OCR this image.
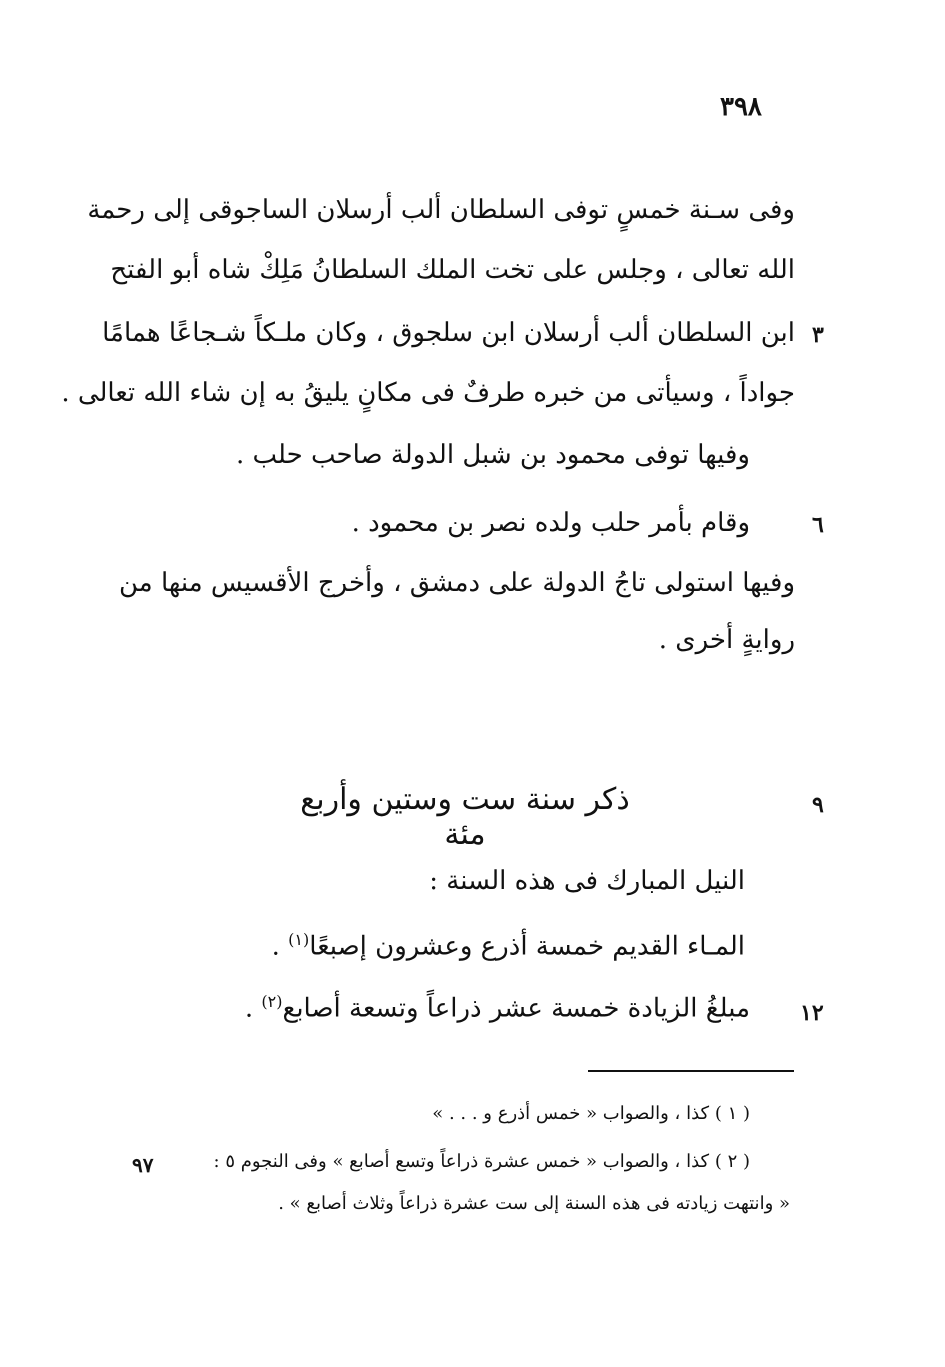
٣٩٨
وفى سـنة خمسٍ توفى السلطان ألب أرسلان الساجوقى إلى رحمة
الله تعالى ، وجلس على تخت الملك السلطانُ مَلِكْ شاه أبو الفتح
ابن السلطان ألب أرسلان ابن سلجوق ، وكان ملـكاً شـجاعًا همامًا
جواداً ، وسيأتى من خبره طرفٌ فى مكانٍ يليقُ به إن شاء الله تعالى .
٣
وفيها توفى محمود بن شبل الدولة صاحب حلب .
وقام بأمر حلب ولده نصر بن محمود .	٦
وفيها استولى تاجُ الدولة على دمشق ، وأخرج الأقسيس منها من
روايةٍ أخرى .
ذكر سنة ست وستين وأربع مئة
٩
النيل المبارك فى هذه السنة :
المـاء القديم خمسة أذرع وعشرون إصبعًا$^{(١)}$ .
مبلغُ الزيادة خمسة عشر ذراعاً وتسعة أصابع$^{(٢)}$ .	١٢
( ١ ) كذا ، والصواب « خمس أذرع و . . . »
( ٢ ) كذا ، والصواب « خمس عشرة ذراعاً وتسع أصابع » وفى النجوم ٥ :
٩٧
« وانتهت زيادته فى هذه السنة إلى ست عشرة ذراعاً وثلاث أصابع » .
